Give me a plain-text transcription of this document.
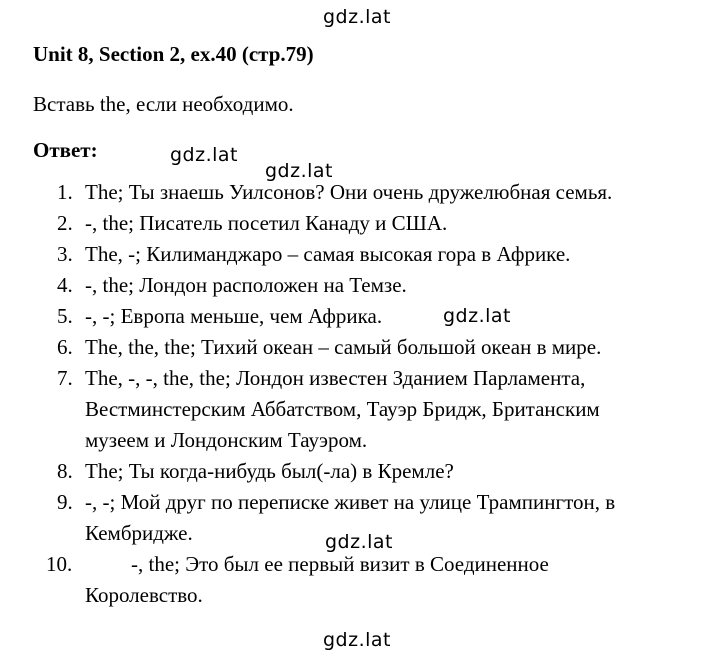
gdz.lat
Unit 8, Section 2, ex.40 (стр.79)
Вставь the, если необходимо.
Ответ:	gdz.lat
gdz.lat
1. The; Ты знаешь Уилсонов? Они очень дружелюбная семья.
2. -, the; Писатель посетил Канаду и США.
3. The, -; Килиманджаро – самая высокая гора в Африке.
4. -, the; Лондон расположен на Темзе.
5. -, -; Европа меньше, чем Африка.
6. The, the, the; Тихий океан – самый большой океан в мире.
7. The, -, -, the, the; Лондон известен Зданием Парламента,
Вестминстерским Аббатством, Тауэр Бридж, Британским
музеем и Лондонским Тауэром.
8. The; Ты когда-нибудь был(-ла) в Кремле?
9. -, -; Мой друг по переписке живет на улице Трампингтон, в
Кембридже.
10.	-, the; Это был ее первый визит в Соединенное
Королевство.
gdz.lat
gdz.lat
gdz.lat
